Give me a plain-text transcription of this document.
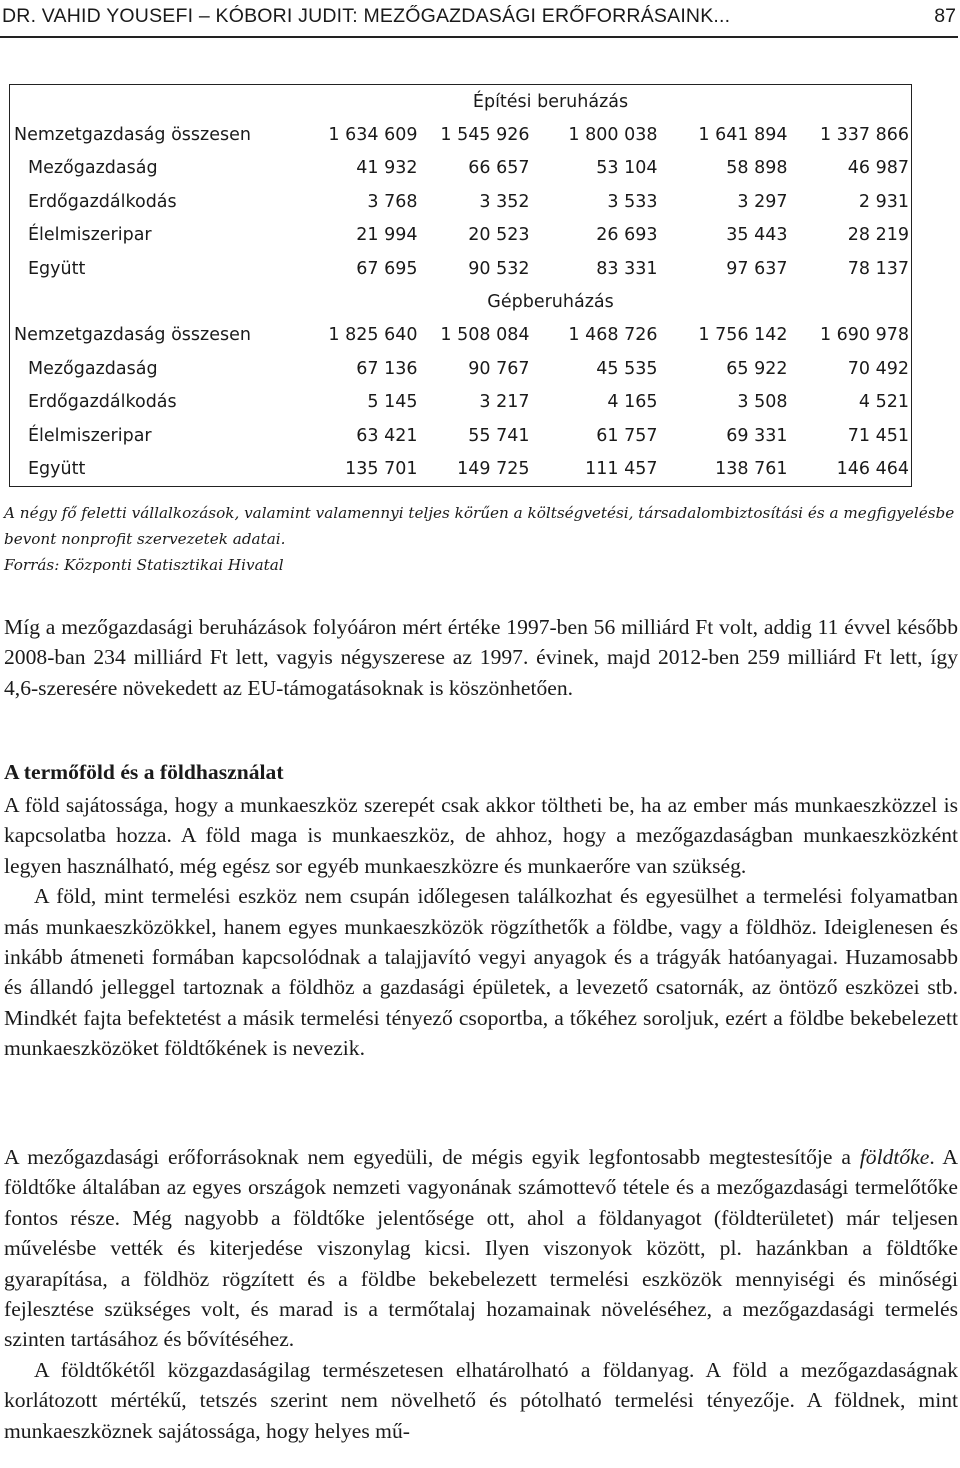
DR. VAHID YOUSEFI – KÓBORI JUDIT: MEZŐGAZDASÁGI ERŐFORRÁSAINK...	87
Építési beruházás					
Nemzetgazdaság összesen	1 634 609	1 545 926	1 800 038	1 641 894	1 337 866
Mezőgazdaság	41 932	66 657	53 104	58 898	46 987
Erdőgazdálkodás	3 768	3 352	3 533	3 297	2 931
Élelmiszeripar	21 994	20 523	26 693	35 443	28 219
Együtt	67 695	90 532	83 331	97 637	78 137
Gépberuházás					
Nemzetgazdaság összesen	1 825 640	1 508 084	1 468 726	1 756 142	1 690 978
Mezőgazdaság	67 136	90 767	45 535	65 922	70 492
Erdőgazdálkodás	5 145	3 217	4 165	3 508	4 521
Élelmiszeripar	63 421	55 741	61 757	69 331	71 451
Együtt	135 701	149 725	111 457	138 761	146 464

A négy fő feletti vállalkozások, valamint valamennyi teljes körűen a költségvetési, társadalombiztosítási és a megfigyelésbe bevont nonprofit szervezetek adatai.

Forrás: Központi Statisztikai Hivatal

Míg a mezőgazdasági beruházások folyóáron mért értéke 1997-ben 56 milliárd Ft volt, addig 11 évvel később 2008-ban 234 milliárd Ft lett, vagyis négyszerese az 1997. évinek, majd 2012-ben 259 milliárd Ft lett, így 4,6-szeresére növekedett az EU-támogatásoknak is köszönhetően.

A termőföld és a földhasználat

A föld sajátossága, hogy a munkaeszköz szerepét csak akkor töltheti be, ha az ember más munkaeszközzel is kapcsolatba hozza. A föld maga is munkaeszköz, de ahhoz, hogy a mezőgazdaságban munkaeszközként legyen használható, még egész sor egyéb munkaeszközre és munkaerőre van szükség.

A föld, mint termelési eszköz nem csupán időlegesen találkozhat és egyesülhet a termelési folyamatban más munkaeszközökkel, hanem egyes munkaeszközök rögzíthetők a földbe, vagy a földhöz. Ideiglenesen és inkább átmeneti formában kapcsolódnak a talajjavító vegyi anyagok és a trágyák hatóanyagai. Huzamosabb és állandó jelleggel tartoznak a földhöz a gazdasági épületek, a levezető csatornák, az öntöző eszközei stb. Mindkét fajta befektetést a másik termelési tényező csoportba, a tőkéhez soroljuk, ezért a földbe bekebelezett munkaeszközöket földtőkének is nevezik.

A mezőgazdasági erőforrásoknak nem egyedüli, de mégis egyik legfontosabb megtestesítője a földtőke. A földtőke általában az egyes országok nemzeti vagyonának számottevő tétele és a mezőgazdasági termelőtőke fontos része. Még nagyobb a földtőke jelentősége ott, ahol a földanyagot (földterületet) már teljesen művelésbe vették és kiterjedése viszonylag kicsi. Ilyen viszonyok között, pl. hazánkban a földtőke gyarapítása, a földhöz rögzített és a földbe bekebelezett termelési eszközök mennyiségi és minőségi fejlesztése szükséges volt, és marad is a termőtalaj hozamainak növeléséhez, a mezőgazdasági termelés szinten tartásához és bővítéséhez.

A földtőkétől közgazdaságilag természetesen elhatárolható a földanyag. A föld a mezőgazdaságnak korlátozott mértékű, tetszés szerint nem növelhető és pótolható termelési tényezője. A földnek, mint munkaeszköznek sajátossága, hogy helyes mű-
